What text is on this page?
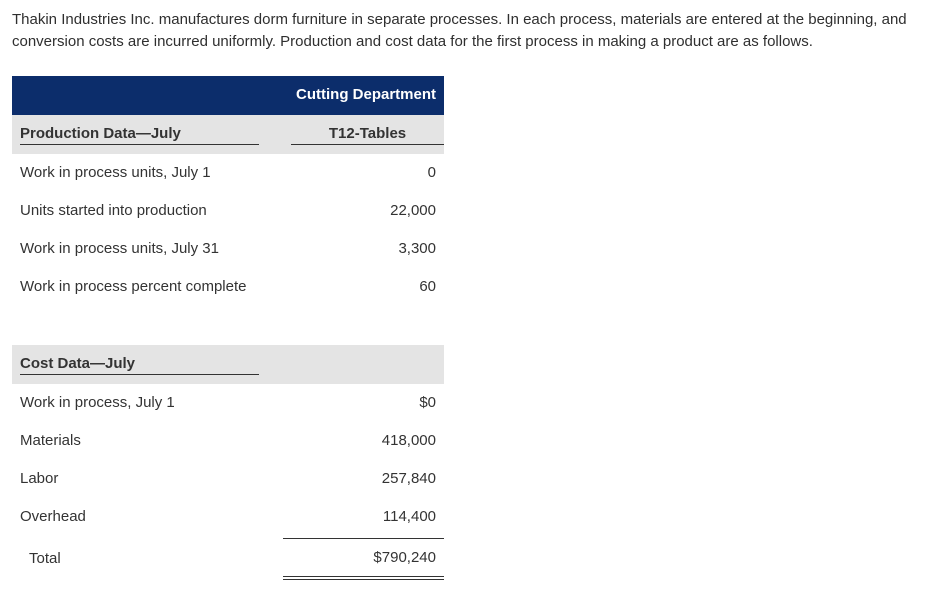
Thakin Industries Inc. manufactures dorm furniture in separate processes. In each process, materials are entered at the beginning, and conversion costs are incurred uniformly. Production and cost data for the first process in making a product are as follows.

Cutting Department
Production Data—July	T12-Tables
Work in process units, July 1	0
Units started into production	22,000
Work in process units, July 31	3,300
Work in process percent complete	60
Cost Data—July
Work in process, July 1	$0
Materials	418,000
Labor	257,840
Overhead	114,400
Total	$790,240
